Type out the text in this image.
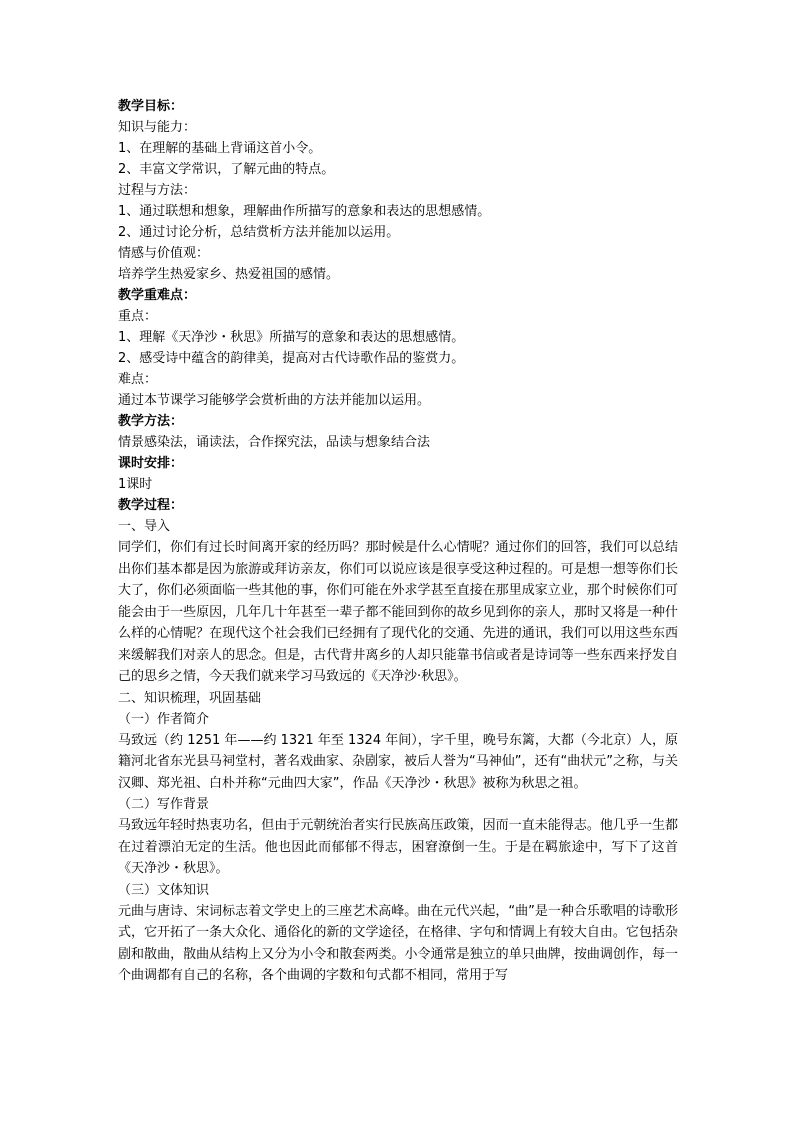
教学目标：
知识与能力：
1、在理解的基础上背诵这首小令。
2、丰富文学常识，了解元曲的特点。
过程与方法：
1、通过联想和想象，理解曲作所描写的意象和表达的思想感情。
2、通过讨论分析，总结赏析方法并能加以运用。
情感与价值观：
培养学生热爱家乡、热爱祖国的感情。
教学重难点：
重点：
1、理解《天净沙・秋思》所描写的意象和表达的思想感情。
2、感受诗中蕴含的韵律美，提高对古代诗歌作品的鉴赏力。
难点：
通过本节课学习能够学会赏析曲的方法并能加以运用。
教学方法：
情景感染法，诵读法，合作探究法，品读与想象结合法
课时安排：
1课时
教学过程：
一、导入
同学们，你们有过长时间离开家的经历吗？那时候是什么心情呢？通过你们的回答，我们可以总结出你们基本都是因为旅游或拜访亲友，你们可以说应该是很享受这种过程的。可是想一想等你们长大了，你们必须面临一些其他的事，你们可能在外求学甚至直接在那里成家立业，那个时候你们可能会由于一些原因，几年几十年甚至一辈子都不能回到你的故乡见到你的亲人，那时又将是一种什么样的心情呢？在现代这个社会我们已经拥有了现代化的交通、先进的通讯，我们可以用这些东西来缓解我们对亲人的思念。但是，古代背井离乡的人却只能靠书信或者是诗词等一些东西来抒发自己的思乡之情，今天我们就来学习马致远的《天净沙·秋思》。
二、知识梳理，巩固基础
（一）作者简介
马致远（约 1251 年——约 1321 年至 1324 年间），字千里，晚号东篱，大都（今北京）人，原籍河北省东光县马祠堂村，著名戏曲家、杂剧家，被后人誉为“马神仙”，还有“曲状元”之称，与关汉卿、郑光祖、白朴并称“元曲四大家”，作品《天净沙・秋思》被称为秋思之祖。
（二）写作背景
马致远年轻时热衷功名，但由于元朝统治者实行民族高压政策，因而一直未能得志。他几乎一生都在过着漂泊无定的生活。他也因此而郁郁不得志，困窘潦倒一生。于是在羁旅途中，写下了这首《天净沙・秋思》。
（三）文体知识
元曲与唐诗、宋词标志着文学史上的三座艺术高峰。曲在元代兴起，“曲”是一种合乐歌唱的诗歌形式，它开拓了一条大众化、通俗化的新的文学途径，在格律、字句和情调上有较大自由。它包括杂剧和散曲，散曲从结构上又分为小令和散套两类。小令通常是独立的单只曲牌，按曲调创作，每一个曲调都有自己的名称，各个曲调的字数和句式都不相同，常用于写
